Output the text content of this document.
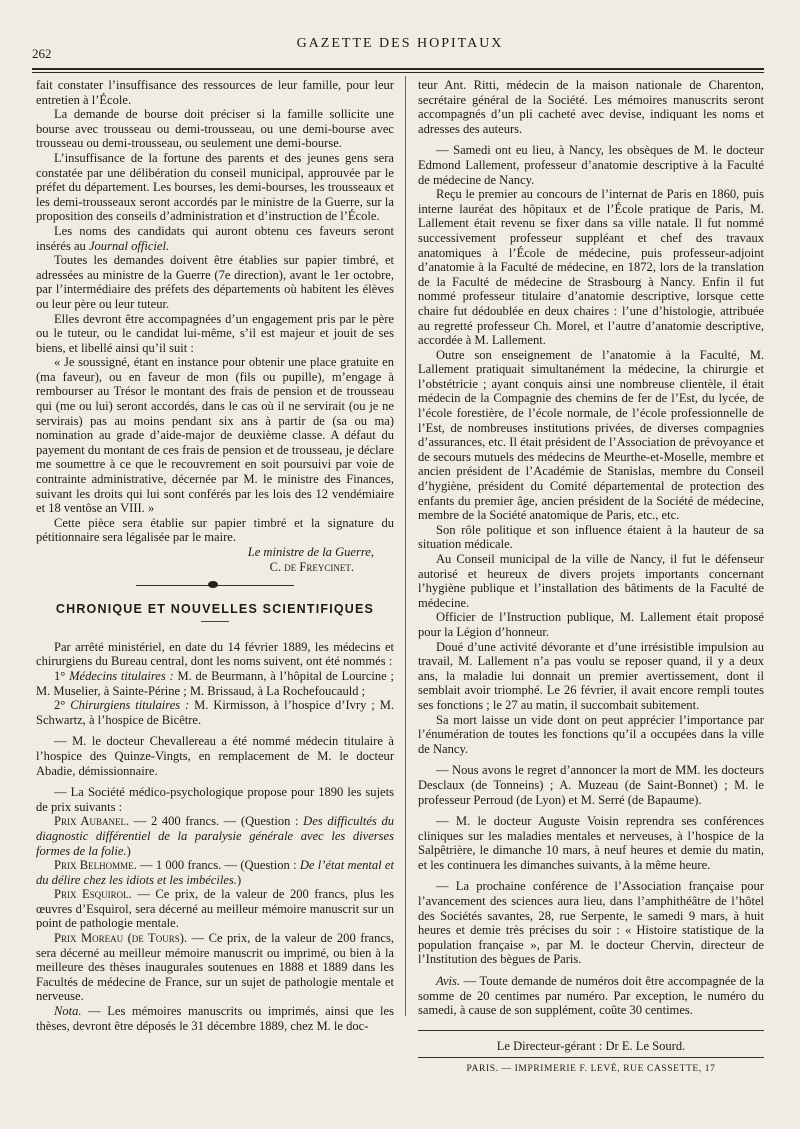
GAZETTE DES HOPITAUX
262

fait constater l’insuffisance des ressources de leur famille, pour leur entretien à l’École.

La demande de bourse doit préciser si la famille sollicite une bourse avec trousseau ou demi-trousseau, ou une demi-bourse avec trousseau ou demi-trousseau, ou seulement une demi-bourse.

L’insuffisance de la fortune des parents et des jeunes gens sera constatée par une délibération du conseil municipal, approuvée par le préfet du département. Les bourses, les demi-bourses, les trousseaux et les demi-trousseaux seront accordés par le ministre de la Guerre, sur la proposition des conseils d’administration et d’instruction de l’École.

Les noms des candidats qui auront obtenu ces faveurs seront insérés au Journal officiel.

Toutes les demandes doivent être établies sur papier timbré, et adressées au ministre de la Guerre (7e direction), avant le 1er octobre, par l’intermédiaire des préfets des départements où habitent les élèves ou leur père ou leur tuteur.

Elles devront être accompagnées d’un engagement pris par le père ou le tuteur, ou le candidat lui-même, s’il est majeur et jouit de ses biens, et libellé ainsi qu’il suit :

« Je soussigné, étant en instance pour obtenir une place gratuite en (ma faveur), ou en faveur de mon (fils ou pupille), m’engage à rembourser au Trésor le montant des frais de pension et de trousseau qui (me ou lui) seront accordés, dans le cas où il ne servirait (ou je ne servirais) pas au moins pendant six ans à partir de (sa ou ma) nomination au grade d’aide-major de deuxième classe. A défaut du payement du montant de ces frais de pension et de trousseau, je déclare me soumettre à ce que le recouvrement en soit poursuivi par voie de contrainte administrative, décernée par M. le ministre des Finances, suivant les droits qui lui sont conférés par les lois des 12 vendémiaire et 18 ventôse an VIII. »

Cette pièce sera établie sur papier timbré et la signature du pétitionnaire sera légalisée par le maire.

Le ministre de la Guerre,

C. de Freycinet.

CHRONIQUE ET NOUVELLES SCIENTIFIQUES

Par arrêté ministériel, en date du 14 février 1889, les médecins et chirurgiens du Bureau central, dont les noms suivent, ont été nommés :

1° Médecins titulaires : M. de Beurmann, à l’hôpital de Lourcine ; M. Muselier, à Sainte-Périne ; M. Brissaud, à La Rochefoucauld ;

2° Chirurgiens titulaires : M. Kirmisson, à l’hospice d’Ivry ; M. Schwartz, à l’hospice de Bicêtre.

— M. le docteur Chevallereau a été nommé médecin titulaire à l’hospice des Quinze-Vingts, en remplacement de M. le docteur Abadie, démissionnaire.

— La Société médico-psychologique propose pour 1890 les sujets de prix suivants :

Prix Aubanel. — 2 400 francs. — (Question : Des difficultés du diagnostic différentiel de la paralysie générale avec les diverses formes de la folie.)

Prix Belhomme. — 1 000 francs. — (Question : De l’état mental et du délire chez les idiots et les imbéciles.)

Prix Esquirol. — Ce prix, de la valeur de 200 francs, plus les œuvres d’Esquirol, sera décerné au meilleur mémoire manuscrit sur un point de pathologie mentale.

Prix Moreau (de Tours). — Ce prix, de la valeur de 200 francs, sera décerné au meilleur mémoire manuscrit ou imprimé, ou bien à la meilleure des thèses inaugurales soutenues en 1888 et 1889 dans les Facultés de médecine de France, sur un sujet de pathologie mentale et nerveuse.

Nota. — Les mémoires manuscrits ou imprimés, ainsi que les thèses, devront être déposés le 31 décembre 1889, chez M. le doc-

teur Ant. Ritti, médecin de la maison nationale de Charenton, secrétaire général de la Société. Les mémoires manuscrits seront accompagnés d’un pli cacheté avec devise, indiquant les noms et adresses des auteurs.

— Samedi ont eu lieu, à Nancy, les obsèques de M. le docteur Edmond Lallement, professeur d’anatomie descriptive à la Faculté de médecine de Nancy.

Reçu le premier au concours de l’internat de Paris en 1860, puis interne lauréat des hôpitaux et de l’École pratique de Paris, M. Lallement était revenu se fixer dans sa ville natale. Il fut nommé successivement professeur suppléant et chef des travaux anatomiques à l’École de médecine, puis professeur-adjoint d’anatomie à la Faculté de médecine, en 1872, lors de la translation de la Faculté de médecine de Strasbourg à Nancy. Enfin il fut nommé professeur titulaire d’anatomie descriptive, lorsque cette chaire fut dédoublée en deux chaires : l’une d’histologie, attribuée au regretté professeur Ch. Morel, et l’autre d’anatomie descriptive, accordée à M. Lallement.

Outre son enseignement de l’anatomie à la Faculté, M. Lallement pratiquait simultanément la médecine, la chirurgie et l’obstétricie ; ayant conquis ainsi une nombreuse clientèle, il était médecin de la Compagnie des chemins de fer de l’Est, du lycée, de l’école forestière, de l’école normale, de l’école professionnelle de l’Est, de nombreuses institutions privées, de diverses compagnies d’assurances, etc. Il était président de l’Association de prévoyance et de secours mutuels des médecins de Meurthe-et-Moselle, membre et ancien président de l’Académie de Stanislas, membre du Conseil d’hygiène, président du Comité départemental de protection des enfants du premier âge, ancien président de la Société de médecine, membre de la Société anatomique de Paris, etc., etc.

Son rôle politique et son influence étaient à la hauteur de sa situation médicale.

Au Conseil municipal de la ville de Nancy, il fut le défenseur autorisé et heureux de divers projets importants concernant l’hygiène publique et l’installation des bâtiments de la Faculté de médecine.

Officier de l’Instruction publique, M. Lallement était proposé pour la Légion d’honneur.

Doué d’une activité dévorante et d’une irrésistible impulsion au travail, M. Lallement n’a pas voulu se reposer quand, il y a deux ans, la maladie lui donnait un premier avertissement, dont il semblait avoir triomphé. Le 26 février, il avait encore rempli toutes ses fonctions ; le 27 au matin, il succombait subitement.

Sa mort laisse un vide dont on peut apprécier l’importance par l’énumération de toutes les fonctions qu’il a occupées dans la ville de Nancy.

— Nous avons le regret d’annoncer la mort de MM. les docteurs Desclaux (de Tonneins) ; A. Muzeau (de Saint-Bonnet) ; M. le professeur Perroud (de Lyon) et M. Serré (de Bapaume).

— M. le docteur Auguste Voisin reprendra ses conférences cliniques sur les maladies mentales et nerveuses, à l’hospice de la Salpêtrière, le dimanche 10 mars, à neuf heures et demie du matin, et les continuera les dimanches suivants, à la même heure.

— La prochaine conférence de l’Association française pour l’avancement des sciences aura lieu, dans l’amphithéâtre de l’hôtel des Sociétés savantes, 28, rue Serpente, le samedi 9 mars, à huit heures et demie très précises du soir : « Histoire statistique de la population française », par M. le docteur Chervin, directeur de l’Institution des bègues de Paris.

Avis. — Toute demande de numéros doit être accompagnée de la somme de 20 centimes par numéro. Par exception, le numéro du samedi, à cause de son supplément, coûte 30 centimes.

Le Directeur-gérant : Dr E. Le Sourd.

PARIS. — IMPRIMERIE F. LEVÉ, RUE CASSETTE, 17
